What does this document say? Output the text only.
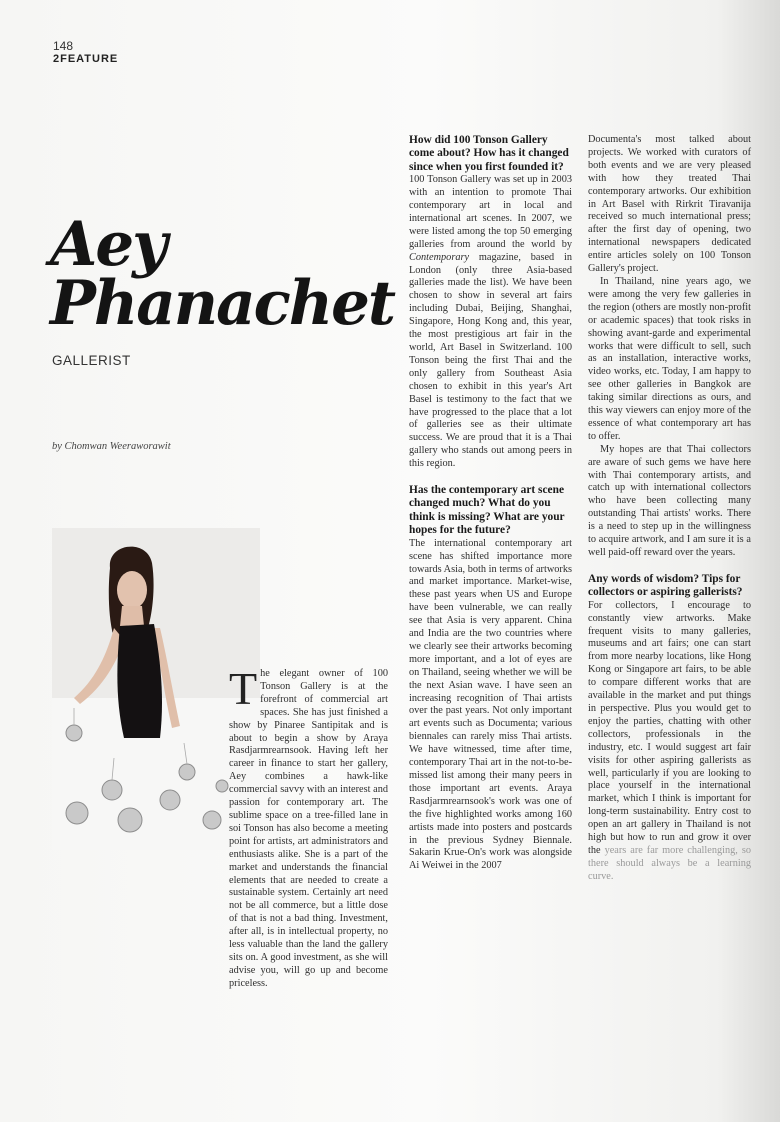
148
2FEATURE
Aey
Phanachet
GALLERIST
by Chomwan Weeraworawit

The elegant owner of 100 Tonson Gallery is at the forefront of commercial art spaces. She has just finished a show by Pinaree Santipitak and is about to begin a show by Araya Rasdjarmrearnsook. Having left her career in finance to start her gallery, Aey combines a hawk-like commercial savvy with an interest and passion for contemporary art. The sublime space on a tree-filled lane in soi Tonson has also become a meeting point for artists, art administrators and enthusiasts alike. She is a part of the market and understands the financial elements that are needed to create a sustainable system. Certainly art need not be all commerce, but a little dose of that is not a bad thing. Investment, after all, is in intellectual property, no less valuable than the land the gallery sits on. A good investment, as she will advise you, will go up and become priceless.

How did 100 Tonson Gallery come about? How has it changed since when you first founded it?

100 Tonson Gallery was set up in 2003 with an intention to promote Thai contemporary art in local and international art scenes. In 2007, we were listed among the top 50 emerging galleries from around the world by Contemporary magazine, based in London (only three Asia-based galleries made the list). We have been chosen to show in several art fairs including Dubai, Beijing, Shanghai, Singapore, Hong Kong and, this year, the most prestigious art fair in the world, Art Basel in Switzerland. 100 Tonson being the first Thai and the only gallery from Southeast Asia chosen to exhibit in this year's Art Basel is testimony to the fact that we have progressed to the place that a lot of galleries see as their ultimate success. We are proud that it is a Thai gallery who stands out among peers in this region.

Has the contemporary art scene changed much? What do you think is missing? What are your hopes for the future?

The international contemporary art scene has shifted importance more towards Asia, both in terms of artworks and market importance. Market-wise, these past years when US and Europe have been vulnerable, we can really see that Asia is very apparent. China and India are the two countries where we clearly see their artworks becoming more important, and a lot of eyes are on Thailand, seeing whether we will be the next Asian wave. I have seen an increasing recognition of Thai artists over the past years. Not only important art events such as Documenta; various biennales can rarely miss Thai artists. We have witnessed, time after time, contemporary Thai art in the not-to-be-missed list among their many peers in those important art events. Araya Rasdjarmrearnsook's work was one of the five highlighted works among 160 artists made into posters and postcards in the previous Sydney Biennale. Sakarin Krue-On's work was alongside Ai Weiwei in the 2007

Documenta's most talked about projects. We worked with curators of both events and we are very pleased with how they treated Thai contemporary artworks. Our exhibition in Art Basel with Rirkrit Tiravanija received so much international press; after the first day of opening, two international newspapers dedicated entire articles solely on 100 Tonson Gallery's project.

In Thailand, nine years ago, we were among the very few galleries in the region (others are mostly non-profit or academic spaces) that took risks in showing avant-garde and experimental works that were difficult to sell, such as an installation, interactive works, video works, etc. Today, I am happy to see other galleries in Bangkok are taking similar directions as ours, and this way viewers can enjoy more of the essence of what contemporary art has to offer.

My hopes are that Thai collectors are aware of such gems we have here with Thai contemporary artists, and catch up with international collectors who have been collecting many outstanding Thai artists' works. There is a need to step up in the willingness to acquire artwork, and I am sure it is a well paid-off reward over the years.

Any words of wisdom? Tips for collectors or aspiring gallerists?

For collectors, I encourage to constantly view artworks. Make frequent visits to many galleries, museums and art fairs; one can start from more nearby locations, like Hong Kong or Singapore art fairs, to be able to compare different works that are available in the market and put things in perspective. Plus you would get to enjoy the parties, chatting with other collectors, professionals in the industry, etc. I would suggest art fair visits for other aspiring gallerists as well, particularly if you are looking to place yourself in the international market, which I think is important for long-term sustainability. Entry cost to open an art gallery in Thailand is not high but how to run and grow it over the years are far more challenging, so there should always be a learning curve.
